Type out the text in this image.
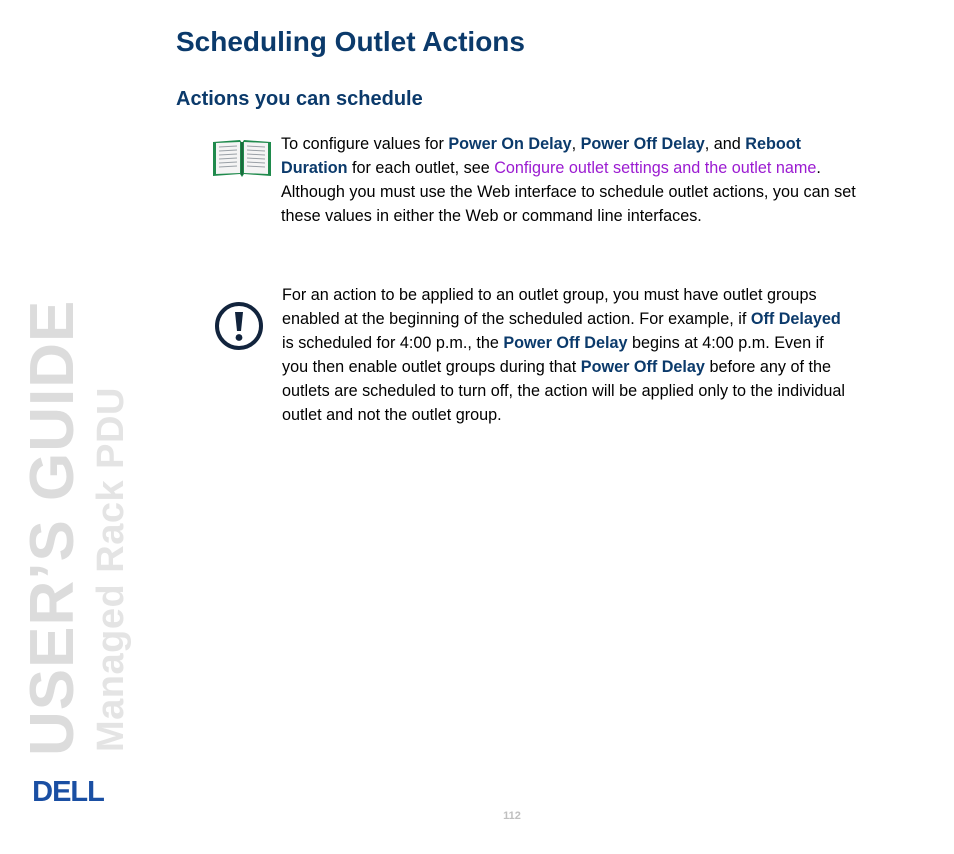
USER’S GUIDE Managed Rack PDU
DELL
Scheduling Outlet Actions
Actions you can schedule

To configure values for Power On Delay, Power Off Delay, and Reboot Duration for each outlet, see Configure outlet settings and the outlet name. Although you must use the Web interface to schedule outlet actions, you can set these values in either the Web or command line interfaces.

For an action to be applied to an outlet group, you must have outlet groups enabled at the beginning of the scheduled action. For example, if Off Delayed is scheduled for 4:00 p.m., the Power Off Delay begins at 4:00 p.m. Even if you then enable outlet groups during that Power Off Delay before any of the outlets are scheduled to turn off, the action will be applied only to the individual outlet and not the outlet group.

112
